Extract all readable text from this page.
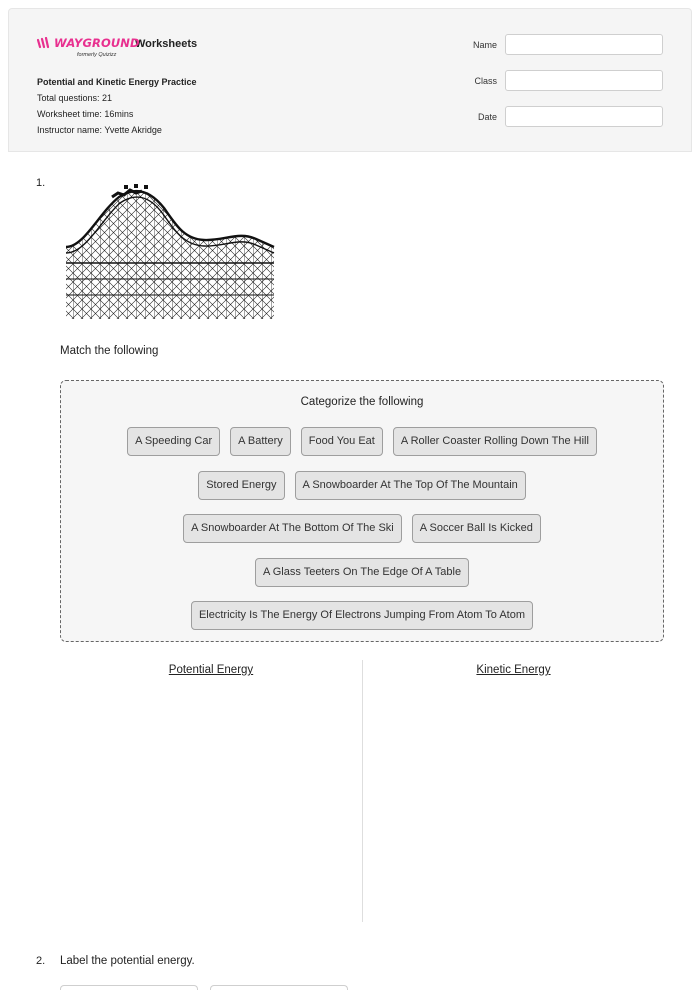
WAYGROUND
formerly Quizizz
Worksheets
Potential and Kinetic Energy Practice
Total questions: 21
Worksheet time: 16mins
Instructor name: Yvette Akridge
Name
Class
Date
1.
Match the following
Categorize the following
A Speeding Car	A Battery	Food You Eat	A Roller Coaster Rolling Down The Hill
Stored Energy	A Snowboarder At The Top Of The Mountain
A Snowboarder At The Bottom Of The Ski	A Soccer Ball Is Kicked
A Glass Teeters On The Edge Of A Table
Electricity Is The Energy Of Electrons Jumping From Atom To Atom
Potential Energy	Kinetic Energy
2. Label the potential energy.
